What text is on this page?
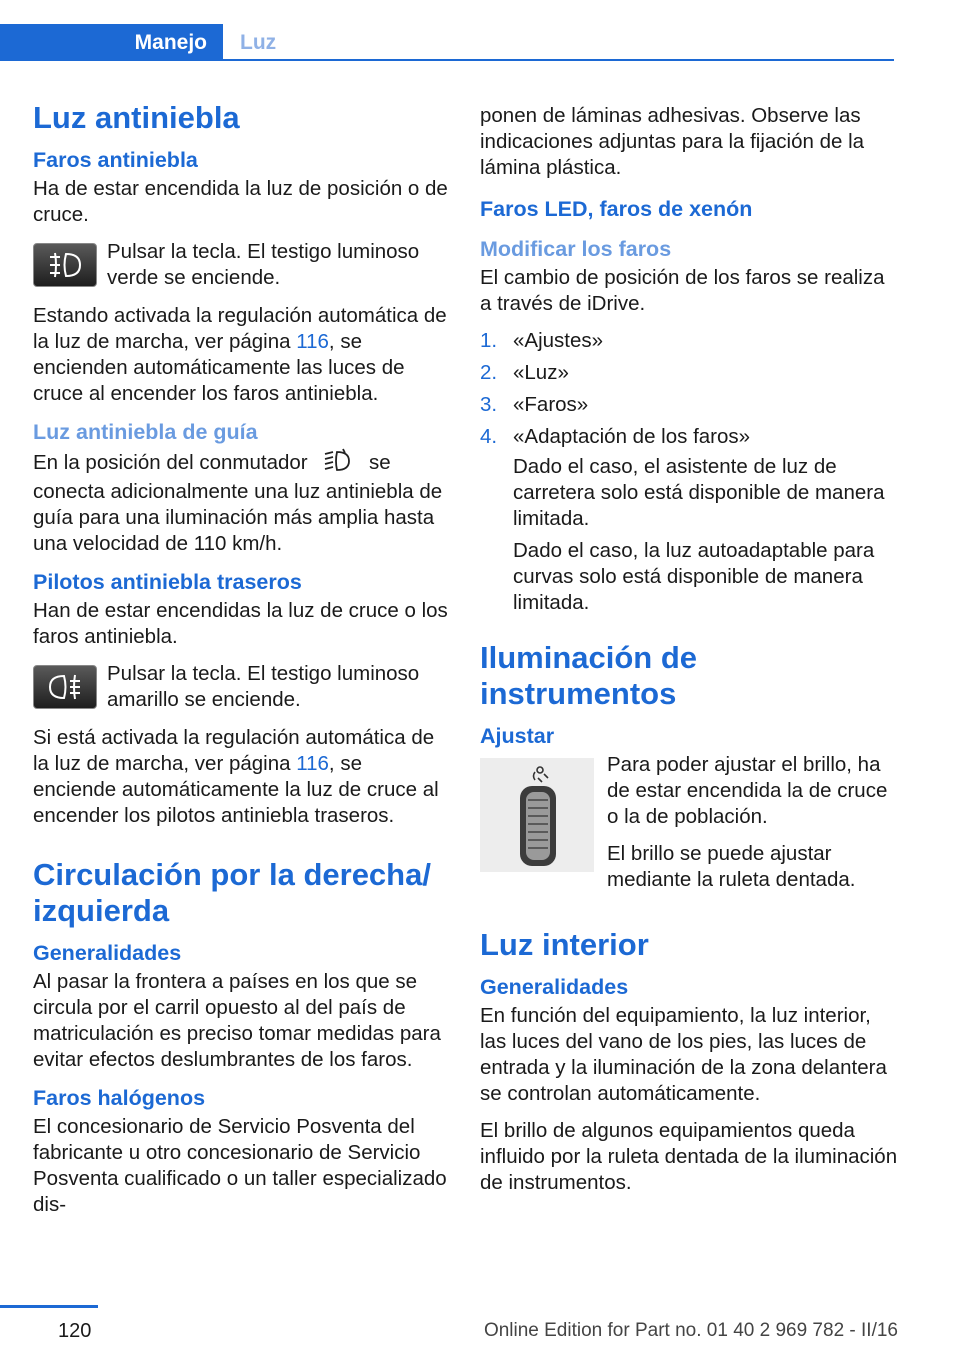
Manejo Luz
Luz antiniebla
Faros antiniebla

Ha de estar encendida la luz de posición o de cruce.

Pulsar la tecla. El testigo luminoso verde se enciende.

Estando activada la regulación automática de la luz de marcha, ver página 116, se encienden automáticamente las luces de cruce al encender los faros antiniebla.

Luz antiniebla de guía

En la posición del conmutador  se conecta adicionalmente una luz antiniebla de guía para una iluminación más amplia hasta una velocidad de 110 km/h.

Pilotos antiniebla traseros

Han de estar encendidas la luz de cruce o los faros antiniebla.

Pulsar la tecla. El testigo luminoso amarillo se enciende.

Si está activada la regulación automática de la luz de marcha, ver página 116, se enciende automáticamente la luz de cruce al encender los pilotos antiniebla traseros.

Circulación por la derecha/ izquierda
Generalidades

Al pasar la frontera a países en los que se circula por el carril opuesto al del país de matriculación es preciso tomar medidas para evitar efectos deslumbrantes de los faros.

Faros halógenos

El concesionario de Servicio Posventa del fabricante u otro concesionario de Servicio Posventa cualificado o un taller especializado dis-

ponen de láminas adhesivas. Observe las indicaciones adjuntas para la fijación de la lámina plástica.

Faros LED, faros de xenón
Modificar los faros

El cambio de posición de los faros se realiza a través de iDrive.

1. «Ajustes»
2. «Luz»
3. «Faros»
4. «Adaptación de los faros»

Dado el caso, el asistente de luz de carretera solo está disponible de manera limitada.

Dado el caso, la luz autoadaptable para curvas solo está disponible de manera limitada.

Iluminación de instrumentos
Ajustar

Para poder ajustar el brillo, ha de estar encendida la de cruce o la de población.

El brillo se puede ajustar mediante la ruleta dentada.

Luz interior
Generalidades

En función del equipamiento, la luz interior, las luces del vano de los pies, las luces de entrada y la iluminación de la zona delantera se controlan automáticamente.

El brillo de algunos equipamientos queda influido por la ruleta dentada de la iluminación de instrumentos.

120	Online Edition for Part no. 01 40 2 969 782 - II/16
